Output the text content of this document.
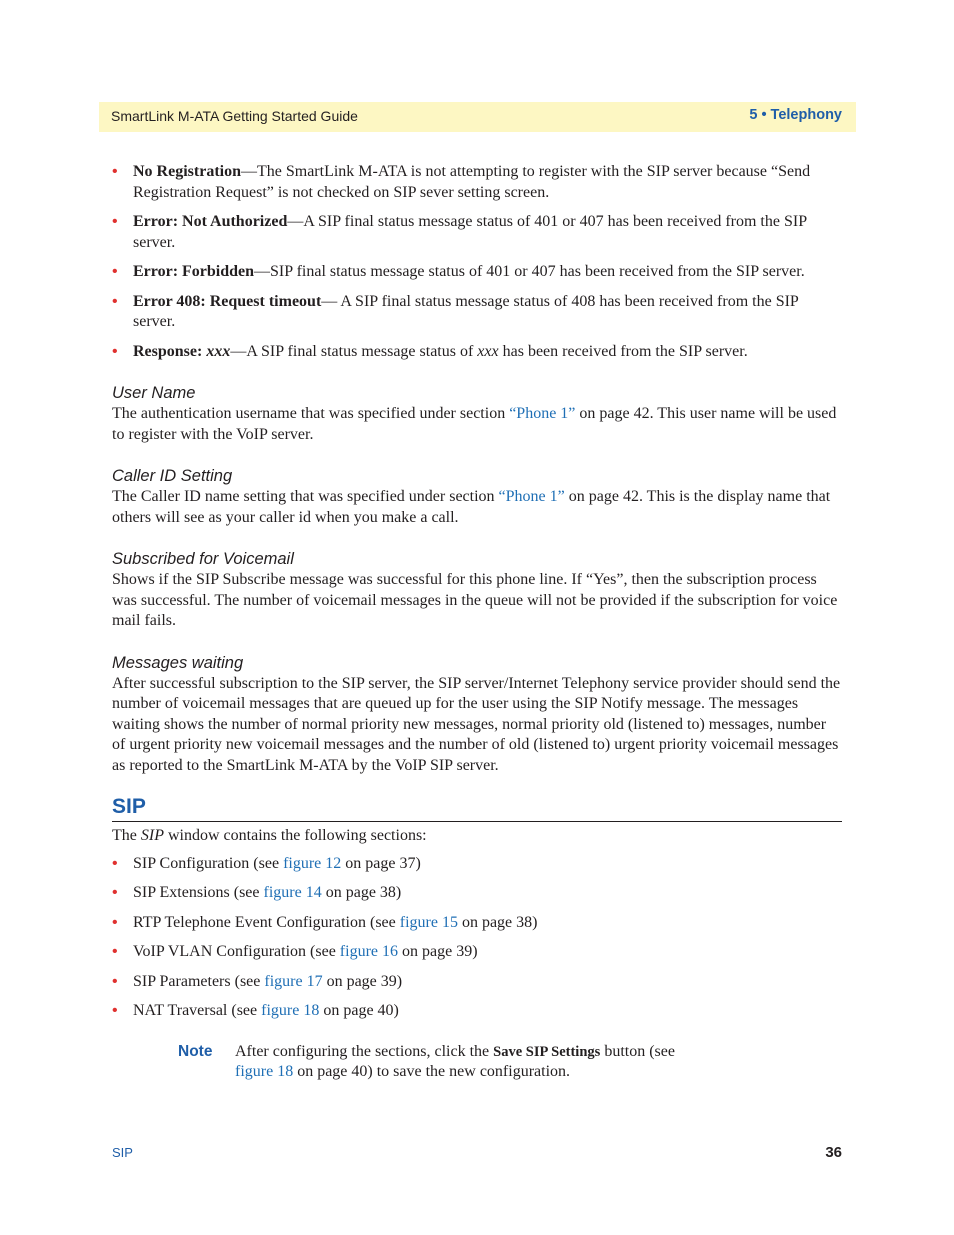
SmartLink M-ATA Getting Started Guide	5 • Telephony
• No Registration—The SmartLink M-ATA is not attempting to register with the SIP server because “Send Registration Request” is not checked on SIP sever setting screen.
• Error: Not Authorized—A SIP final status message status of 401 or 407 has been received from the SIP server.
• Error: Forbidden—SIP final status message status of 401 or 407 has been received from the SIP server.
• Error 408: Request timeout— A SIP final status message status of 408 has been received from the SIP server.
• Response: xxx—A SIP final status message status of xxx has been received from the SIP server.
User Name

The authentication username that was specified under section “Phone 1” on page 42. This user name will be used to register with the VoIP server.

Caller ID Setting

The Caller ID name setting that was specified under section “Phone 1” on page 42. This is the display name that others will see as your caller id when you make a call.

Subscribed for Voicemail

Shows if the SIP Subscribe message was successful for this phone line. If “Yes”, then the subscription process was successful. The number of voicemail messages in the queue will not be provided if the subscription for voice mail fails.

Messages waiting

After successful subscription to the SIP server, the SIP server/Internet Telephony service provider should send the number of voicemail messages that are queued up for the user using the SIP Notify message. The messages waiting shows the number of normal priority new messages, normal priority old (listened to) messages, number of urgent priority new voicemail messages and the number of old (listened to) urgent priority voicemail messages as reported to the SmartLink M-ATA by the VoIP SIP server.

SIP

The SIP window contains the following sections:

• SIP Configuration (see figure 12 on page 37)
• SIP Extensions (see figure 14 on page 38)
• RTP Telephone Event Configuration (see figure 15 on page 38)
• VoIP VLAN Configuration (see figure 16 on page 39)
• SIP Parameters (see figure 17 on page 39)
• NAT Traversal (see figure 18 on page 40)
Note After configuring the sections, click the Save SIP Settings button (see figure 18 on page 40) to save the new configuration.
SIP	36
